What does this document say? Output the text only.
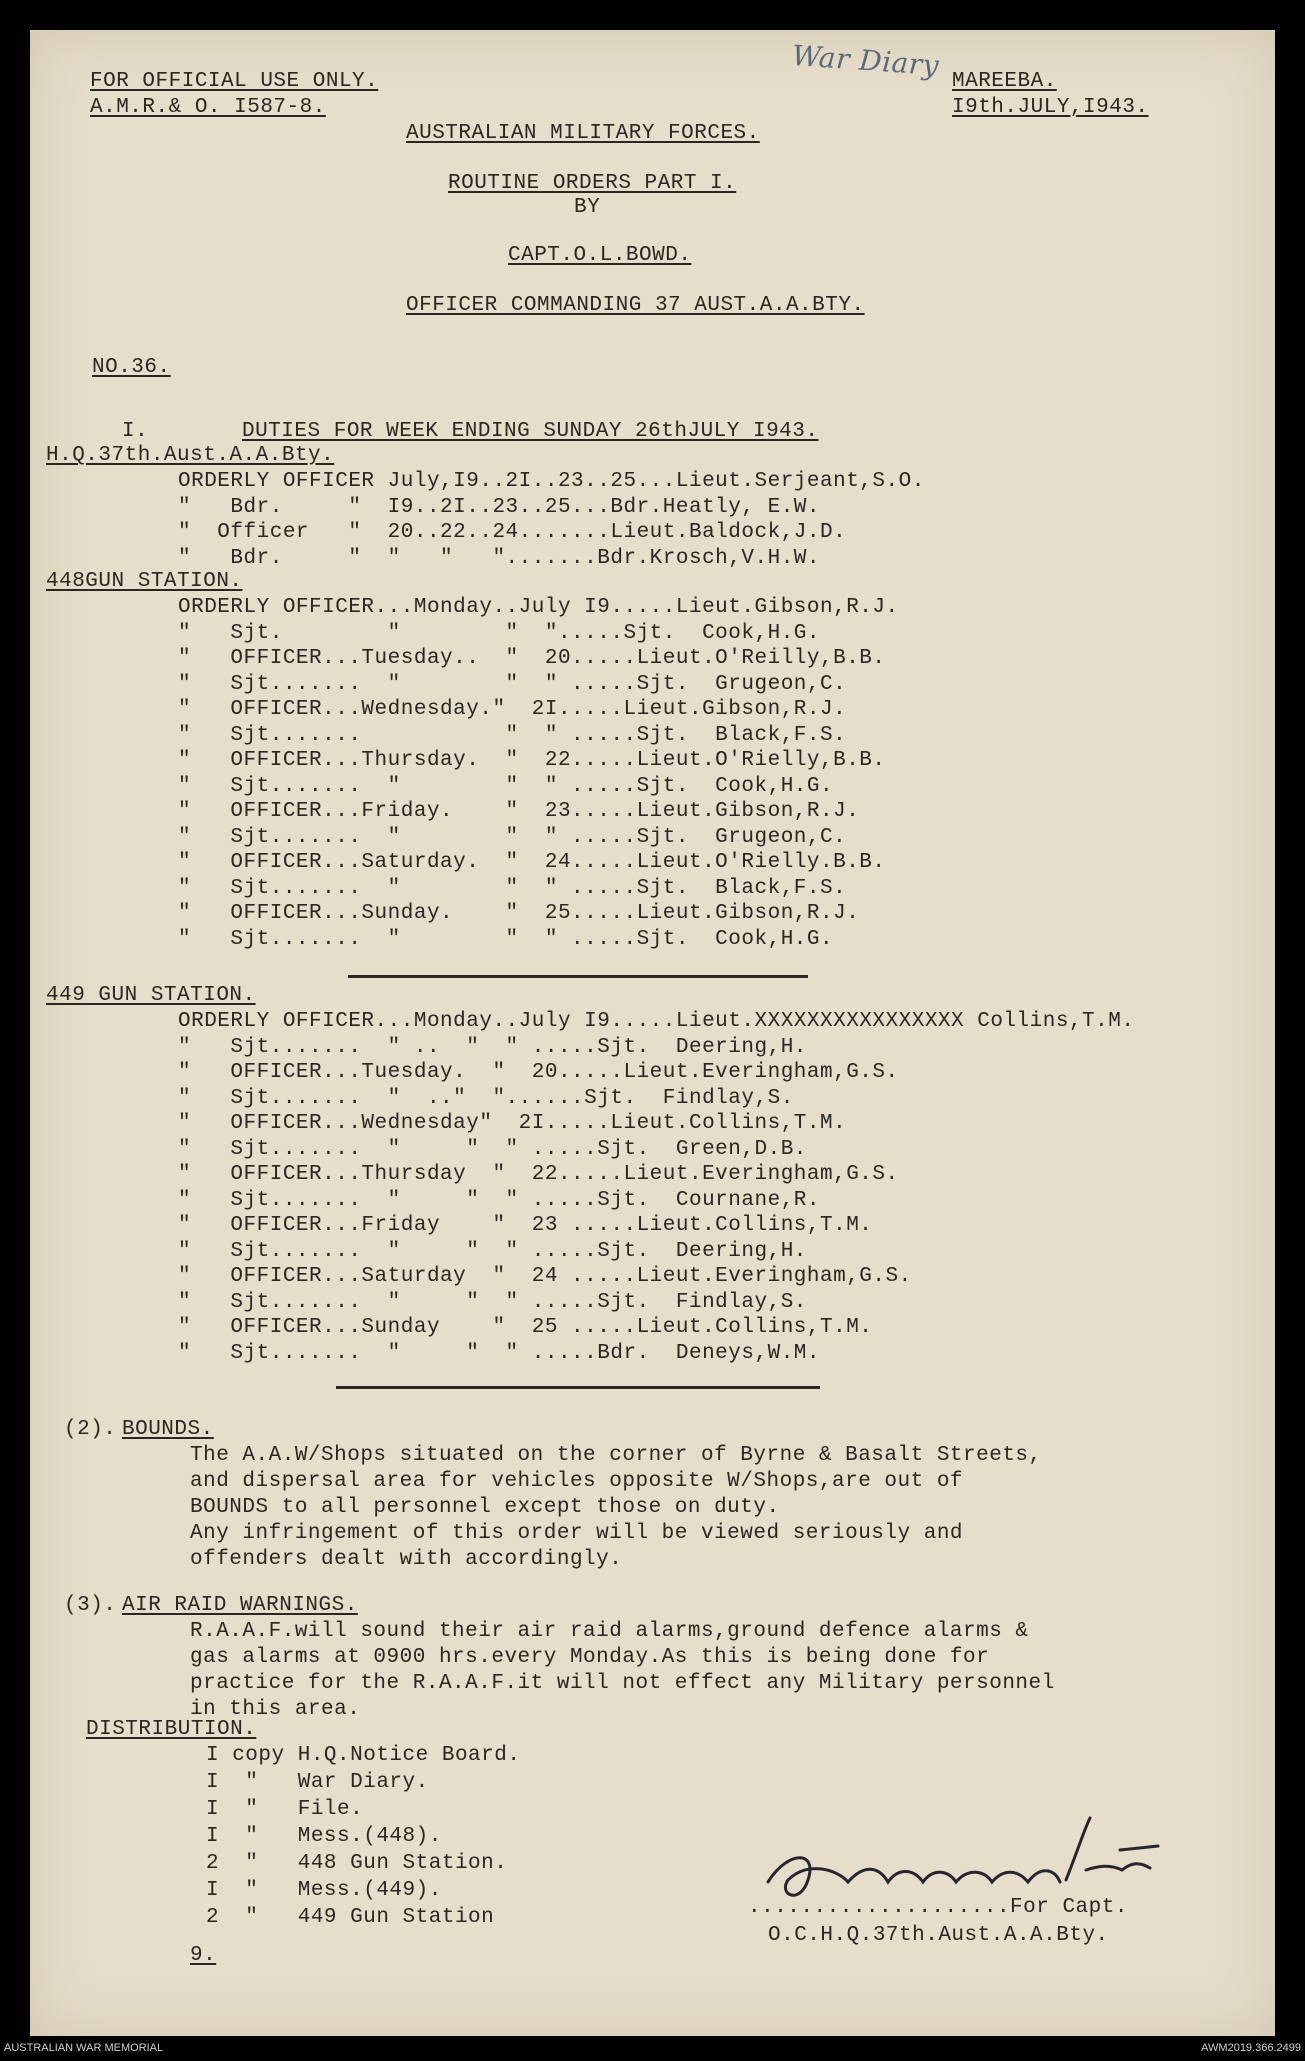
War Diary
FOR OFFICIAL USE ONLY.
A.M.R.& O. I587-8.
MAREEBA.
I9th.JULY,I943.
AUSTRALIAN MILITARY FORCES.
ROUTINE ORDERS PART I.
BY
CAPT.O.L.BOWD.
OFFICER COMMANDING 37 AUST.A.A.BTY.
NO.36.
I.	DUTIES FOR WEEK ENDING SUNDAY 26thJULY I943.
H.Q.37th.Aust.A.A.Bty.
ORDERLY OFFICER July,I9..2I..23..25...Lieut.Serjeant,S.O.
"   Bdr.     "  I9..2I..23..25...Bdr.Heatly, E.W.
"  Officer   "  20..22..24.......Lieut.Baldock,J.D.
"   Bdr.     "  "   "   ".......Bdr.Krosch,V.H.W.
448GUN STATION.
ORDERLY OFFICER...Monday..July I9.....Lieut.Gibson,R.J.
"   Sjt.        "        "  ".....Sjt.  Cook,H.G.
"   OFFICER...Tuesday..  "  20.....Lieut.O'Reilly,B.B.
"   Sjt.......  "        "  " .....Sjt.  Grugeon,C.
"   OFFICER...Wednesday."  2I.....Lieut.Gibson,R.J.
"   Sjt.......           "  " .....Sjt.  Black,F.S.
"   OFFICER...Thursday.  "  22.....Lieut.O'Rielly,B.B.
"   Sjt.......  "        "  " .....Sjt.  Cook,H.G.
"   OFFICER...Friday.    "  23.....Lieut.Gibson,R.J.
"   Sjt.......  "        "  " .....Sjt.  Grugeon,C.
"   OFFICER...Saturday.  "  24.....Lieut.O'Rielly.B.B.
"   Sjt.......  "        "  " .....Sjt.  Black,F.S.
"   OFFICER...Sunday.    "  25.....Lieut.Gibson,R.J.
"   Sjt.......  "        "  " .....Sjt.  Cook,H.G.
449 GUN STATION.
ORDERLY OFFICER...Monday..July I9.....Lieut.XXXXXXXXXXXXXXXX Collins,T.M.
"   Sjt.......  " ..  "  " .....Sjt.  Deering,H.
"   OFFICER...Tuesday.  "  20.....Lieut.Everingham,G.S.
"   Sjt.......  "  .."  "......Sjt.  Findlay,S.
"   OFFICER...Wednesday"  2I.....Lieut.Collins,T.M.
"   Sjt.......  "     "  " .....Sjt.  Green,D.B.
"   OFFICER...Thursday  "  22.....Lieut.Everingham,G.S.
"   Sjt.......  "     "  " .....Sjt.  Cournane,R.
"   OFFICER...Friday    "  23 .....Lieut.Collins,T.M.
"   Sjt.......  "     "  " .....Sjt.  Deering,H.
"   OFFICER...Saturday  "  24 .....Lieut.Everingham,G.S.
"   Sjt.......  "     "  " .....Sjt.  Findlay,S.
"   OFFICER...Sunday    "  25 .....Lieut.Collins,T.M.
"   Sjt.......  "     "  " .....Bdr.  Deneys,W.M.
(2). BOUNDS.
The A.A.W/Shops situated on the corner of Byrne & Basalt Streets,
and dispersal area for vehicles opposite W/Shops,are out of
BOUNDS to all personnel except those on duty.
Any infringement of this order will be viewed seriously and
offenders dealt with accordingly.
(3). AIR RAID WARNINGS.
R.A.A.F.will sound their air raid alarms,ground defence alarms &
gas alarms at 0900 hrs.every Monday.As this is being done for
practice for the R.A.A.F.it will not effect any Military personnel
in this area.
DISTRIBUTION.
I copy H.Q.Notice Board.
I  "   War Diary.
I  "   File.
I  "   Mess.(448).
2  "   448 Gun Station.
I  "   Mess.(449).
2  "   449 Gun Station
9.
....................For Capt.
O.C.H.Q.37th.Aust.A.A.Bty.
AUSTRALIAN WAR MEMORIAL	AWM2019.366.2499
